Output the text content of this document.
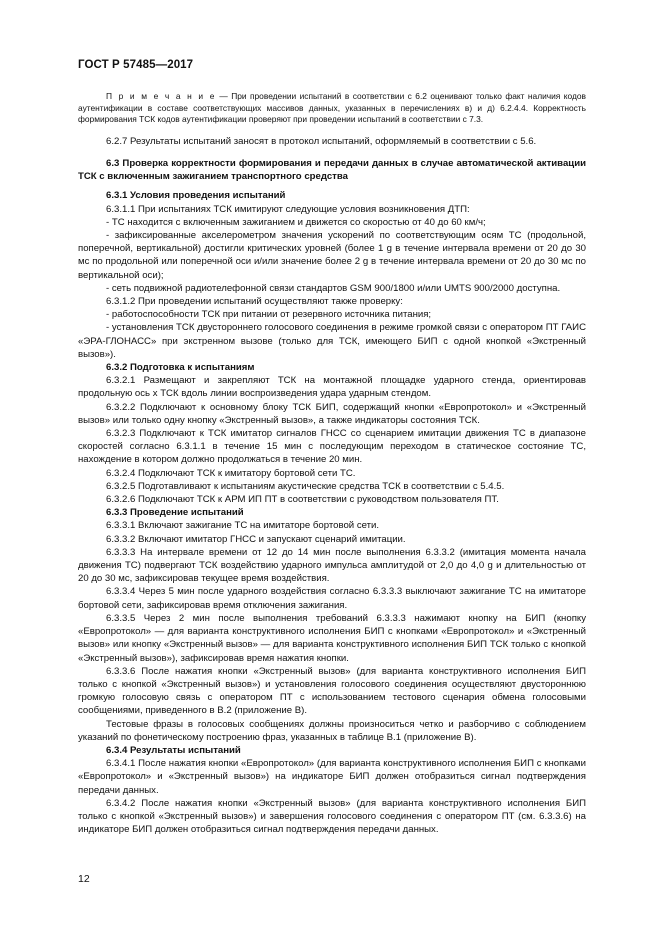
ГОСТ Р 57485—2017

П р и м е ч а н и е — При проведении испытаний в соответствии с 6.2 оценивают только факт наличия кодов аутентификации в составе соответствующих массивов данных, указанных в перечислениях в) и д) 6.2.4.4. Корректность формирования ТСК кодов аутентификации проверяют при проведении испытаний в соответствии с 7.3.

6.2.7 Результаты испытаний заносят в протокол испытаний, оформляемый в соответствии с 5.6.

6.3 Проверка корректности формирования и передачи данных в случае автоматической активации ТСК с включенным зажиганием транспортного средства

6.3.1 Условия проведения испытаний

6.3.1.1 При испытаниях ТСК имитируют следующие условия возникновения ДТП:

- ТС находится с включенным зажиганием и движется со скоростью от 40 до 60 км/ч;

- зафиксированные акселерометром значения ускорений по соответствующим осям ТС (продольной, поперечной, вертикальной) достигли критических уровней (более 1 g в течение интервала времени от 20 до 30 мс по продольной или поперечной оси и/или значение более 2 g в течение интервала времени от 20 до 30 мс по вертикальной оси);

- сеть подвижной радиотелефонной связи стандартов GSM 900/1800 и/или UMTS 900/2000 доступна.

6.3.1.2 При проведении испытаний осуществляют также проверку:

- работоспособности ТСК при питании от резервного источника питания;

- установления ТСК двустороннего голосового соединения в режиме громкой связи с оператором ПТ ГАИС «ЭРА-ГЛОНАСС» при экстренном вызове (только для ТСК, имеющего БИП с одной кнопкой «Экстренный вызов»).

6.3.2 Подготовка к испытаниям

6.3.2.1 Размещают и закрепляют ТСК на монтажной площадке ударного стенда, ориентировав продольную ось x ТСК вдоль линии воспроизведения удара ударным стендом.

6.3.2.2 Подключают к основному блоку ТСК БИП, содержащий кнопки «Европротокол» и «Экстренный вызов» или только одну кнопку «Экстренный вызов», а также индикаторы состояния ТСК.

6.3.2.3 Подключают к ТСК имитатор сигналов ГНСС со сценарием имитации движения ТС в диапазоне скоростей согласно 6.3.1.1 в течение 15 мин с последующим переходом в статическое состояние ТС, нахождение в котором должно продолжаться в течение 20 мин.

6.3.2.4 Подключают ТСК к имитатору бортовой сети ТС.

6.3.2.5 Подготавливают к испытаниям акустические средства ТСК в соответствии с 5.4.5.

6.3.2.6 Подключают ТСК к АРМ ИП ПТ в соответствии с руководством пользователя ПТ.

6.3.3 Проведение испытаний

6.3.3.1 Включают зажигание ТС на имитаторе бортовой сети.

6.3.3.2 Включают имитатор ГНСС и запускают сценарий имитации.

6.3.3.3 На интервале времени от 12 до 14 мин после выполнения 6.3.3.2 (имитация момента начала движения ТС) подвергают ТСК воздействию ударного импульса амплитудой от 2,0 до 4,0 g и длительностью от 20 до 30 мс, зафиксировав текущее время воздействия.

6.3.3.4 Через 5 мин после ударного воздействия согласно 6.3.3.3 выключают зажигание ТС на имитаторе бортовой сети, зафиксировав время отключения зажигания.

6.3.3.5 Через 2 мин после выполнения требований 6.3.3.3 нажимают кнопку на БИП (кнопку «Европротокол» — для варианта конструктивного исполнения БИП с кнопками «Европротокол» и «Экстренный вызов» или кнопку «Экстренный вызов» — для варианта конструктивного исполнения БИП ТСК только с кнопкой «Экстренный вызов»), зафиксировав время нажатия кнопки.

6.3.3.6 После нажатия кнопки «Экстренный вызов» (для варианта конструктивного исполнения БИП только с кнопкой «Экстренный вызов») и установления голосового соединения осуществляют двустороннюю громкую голосовую связь с оператором ПТ с использованием тестового сценария обмена голосовыми сообщениями, приведенного в В.2 (приложение В).

Тестовые фразы в голосовых сообщениях должны произноситься четко и разборчиво с соблюдением указаний по фонетическому построению фраз, указанных в таблице В.1 (приложение В).

6.3.4 Результаты испытаний

6.3.4.1 После нажатия кнопки «Европротокол» (для варианта конструктивного исполнения БИП с кнопками «Европротокол» и «Экстренный вызов») на индикаторе БИП должен отобразиться сигнал подтверждения передачи данных.

6.3.4.2 После нажатия кнопки «Экстренный вызов» (для варианта конструктивного исполнения БИП только с кнопкой «Экстренный вызов») и завершения голосового соединения с оператором ПТ (см. 6.3.3.6) на индикаторе БИП должен отобразиться сигнал подтверждения передачи данных.

12
